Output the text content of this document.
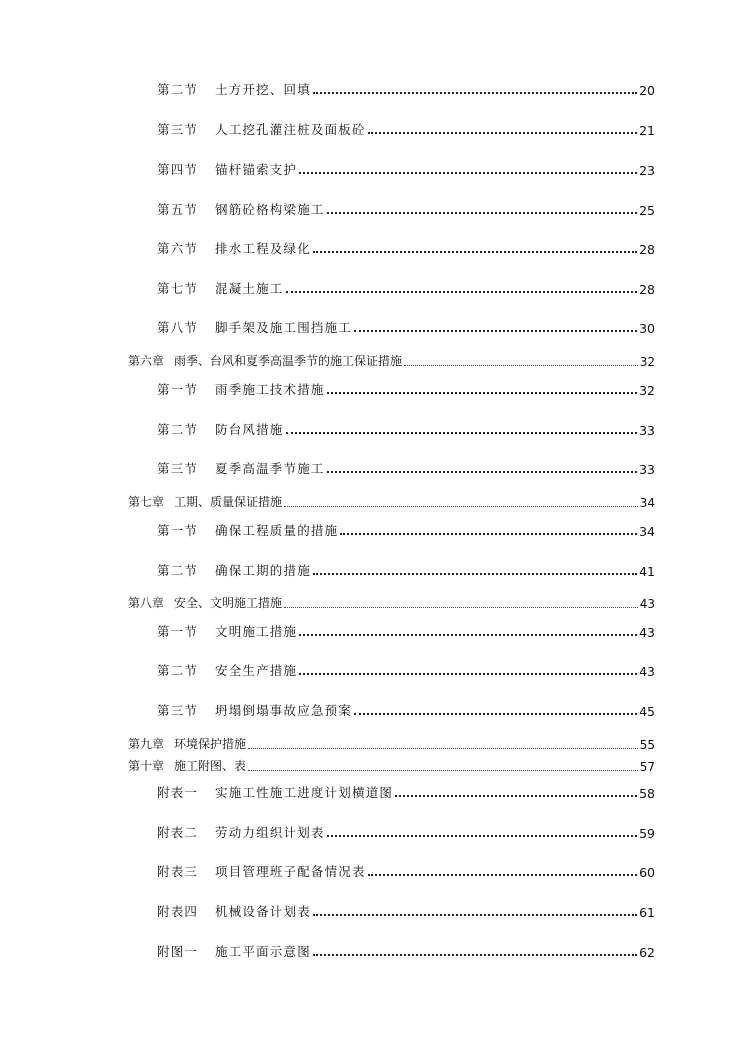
第二节	土方开挖、回填	20
第三节	人工挖孔灌注桩及面板砼	21
第四节	锚杆锚索支护	23
第五节	钢筋砼格构梁施工	25
第六节	排水工程及绿化	28
第七节	混凝土施工	28
第八节	脚手架及施工围挡施工	30
第六章 雨季、台风和夏季高温季节的施工保证措施	32
第一节	雨季施工技术措施	32
第二节	防台风措施	33
第三节	夏季高温季节施工	33
第七章 工期、质量保证措施	34
第一节	确保工程质量的措施	34
第二节	确保工期的措施	41
第八章 安全、文明施工措施	43
第一节	文明施工措施	43
第二节	安全生产措施	43
第三节	坍塌倒塌事故应急预案	45
第九章 环境保护措施	55
第十章 施工附图、表	57
附表一	实施工性施工进度计划横道图	58
附表二	劳动力组织计划表	59
附表三	项目管理班子配备情况表	60
附表四	机械设备计划表	61
附图一	施工平面示意图	62
